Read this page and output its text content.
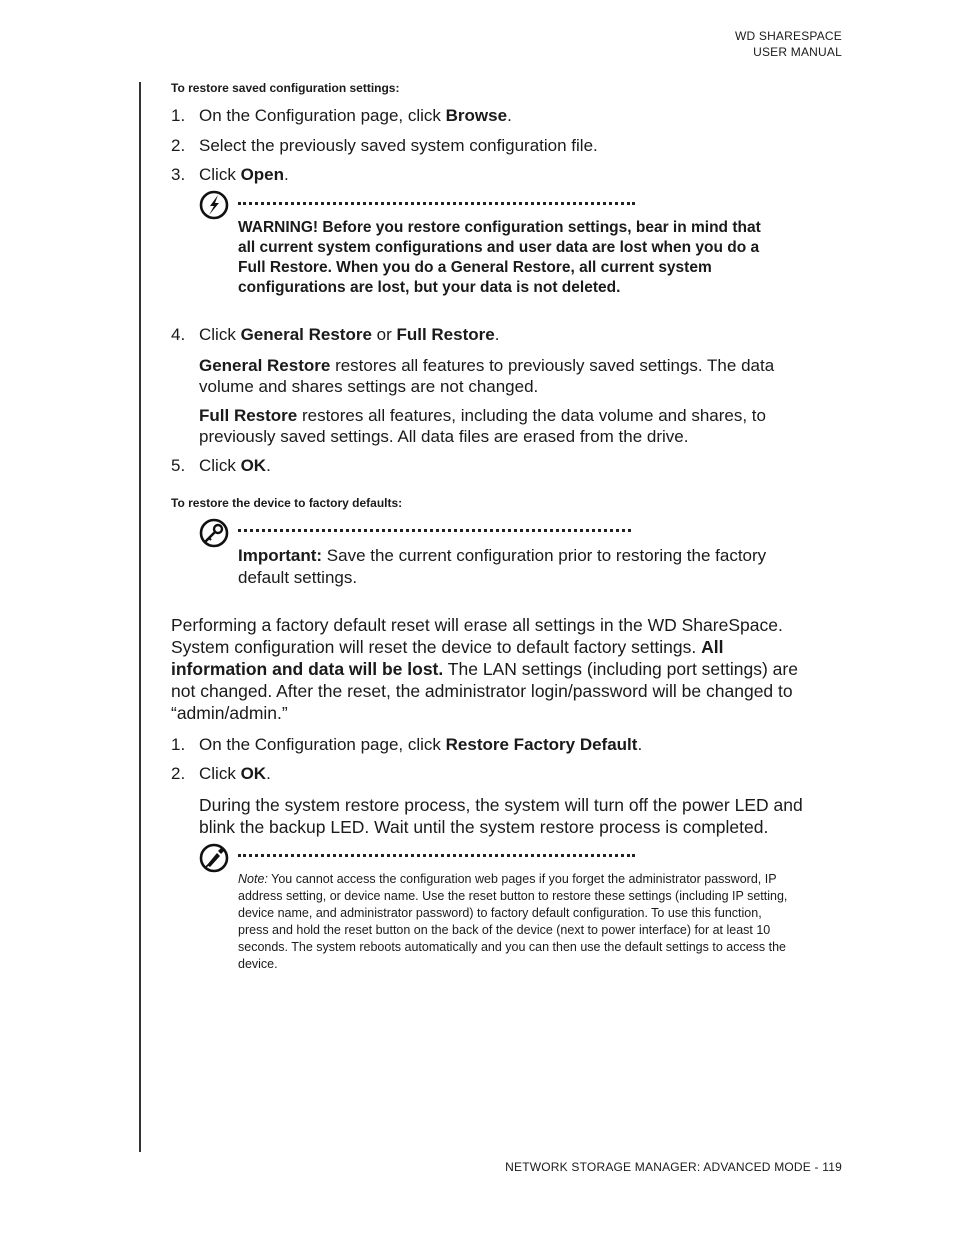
WD SHARESPACE
USER MANUAL
To restore saved configuration settings:
1. On the Configuration page, click Browse.
2. Select the previously saved system configuration file.
3. Click Open.
WARNING! Before you restore configuration settings, bear in mind that
all current system configurations and user data are lost when you do a
Full Restore. When you do a General Restore, all current system
configurations are lost, but your data is not deleted.
4. Click General Restore or Full Restore.
General Restore restores all features to previously saved settings. The data
volume and shares settings are not changed.
Full Restore restores all features, including the data volume and shares, to
previously saved settings. All data files are erased from the drive.
5. Click OK.
To restore the device to factory defaults:
Important: Save the current configuration prior to restoring the factory
default settings.
Performing a factory default reset will erase all settings in the WD ShareSpace.
System configuration will reset the device to default factory settings. All
information and data will be lost. The LAN settings (including port settings) are
not changed. After the reset, the administrator login/password will be changed to
“admin/admin.”
1. On the Configuration page, click Restore Factory Default.
2. Click OK.
During the system restore process, the system will turn off the power LED and
blink the backup LED. Wait until the system restore process is completed.
Note: You cannot access the configuration web pages if you forget the administrator password, IP
address setting, or device name. Use the reset button to restore these settings (including IP setting,
device name, and administrator password) to factory default configuration. To use this function,
press and hold the reset button on the back of the device (next to power interface) for at least 10
seconds. The system reboots automatically and you can then use the default settings to access the
device.
NETWORK STORAGE MANAGER: ADVANCED MODE - 119
